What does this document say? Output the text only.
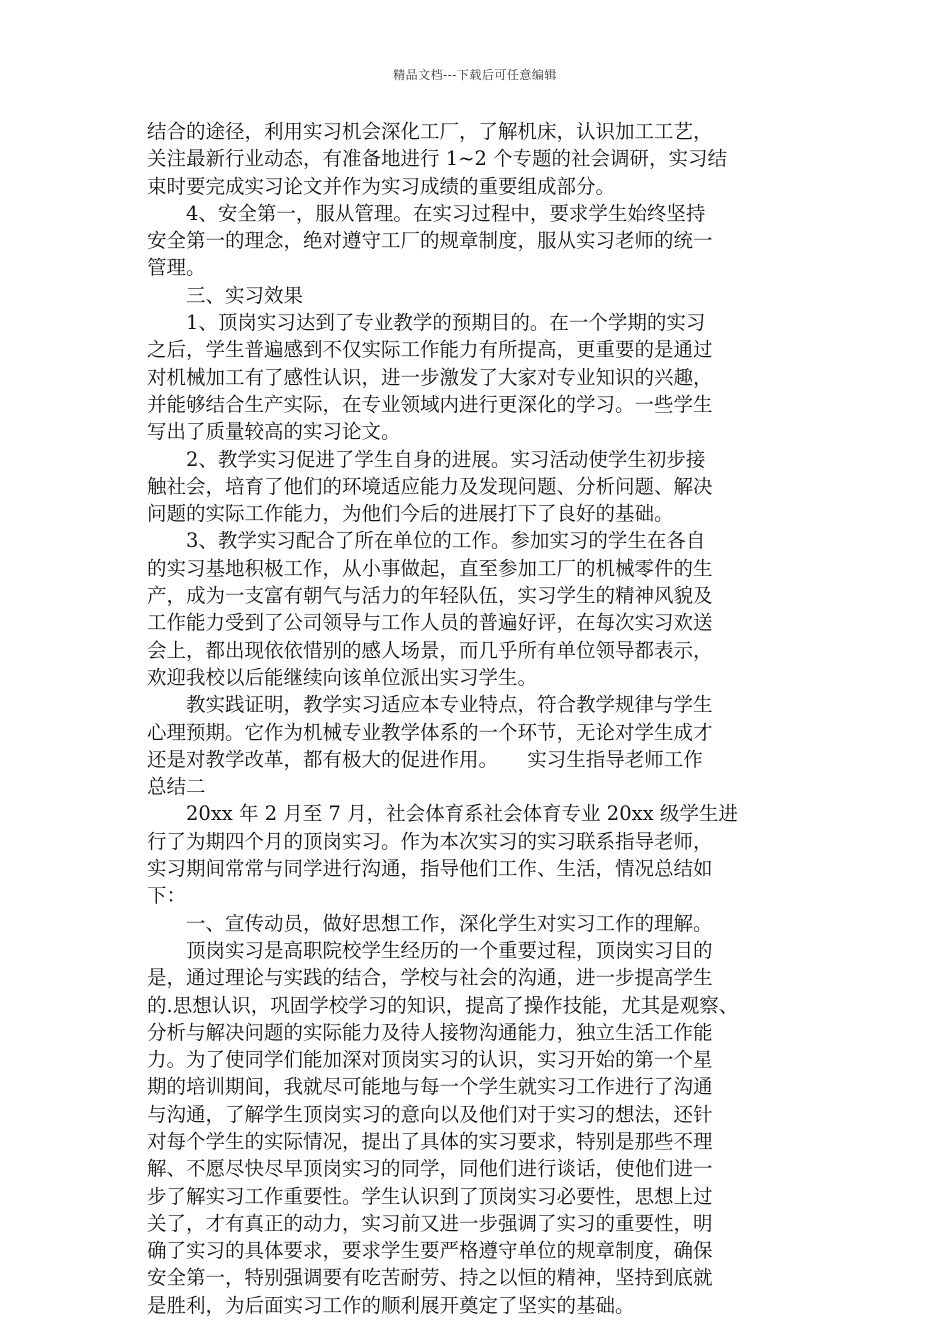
精品文档---下载后可任意编辑
结合的途径，利用实习机会深化工厂，了解机床，认识加工工艺，
关注最新行业动态，有准备地进行 1~2 个专题的社会调研，实习结
束时要完成实习论文并作为实习成绩的重要组成部分。
　　4、安全第一，服从管理。在实习过程中，要求学生始终坚持
安全第一的理念，绝对遵守工厂的规章制度，服从实习老师的统一
管理。
　　三、实习效果
　　1、顶岗实习达到了专业教学的预期目的。在一个学期的实习
之后，学生普遍感到不仅实际工作能力有所提高，更重要的是通过
对机械加工有了感性认识，进一步激发了大家对专业知识的兴趣，
并能够结合生产实际，在专业领域内进行更深化的学习。一些学生
写出了质量较高的实习论文。
　　2、教学实习促进了学生自身的进展。实习活动使学生初步接
触社会，培育了他们的环境适应能力及发现问题、分析问题、解决
问题的实际工作能力，为他们今后的进展打下了良好的基础。
　　3、教学实习配合了所在单位的工作。参加实习的学生在各自
的实习基地积极工作，从小事做起，直至参加工厂的机械零件的生
产，成为一支富有朝气与活力的年轻队伍，实习学生的精神风貌及
工作能力受到了公司领导与工作人员的普遍好评，在每次实习欢送
会上，都出现依依惜别的感人场景，而几乎所有单位领导都表示，
欢迎我校以后能继续向该单位派出实习学生。
　　教实践证明，教学实习适应本专业特点，符合教学规律与学生
心理预期。它作为机械专业教学体系的一个环节，无论对学生成才
还是对教学改革，都有极大的促进作用。　　实习生指导老师工作
总结二
　　20xx 年 2 月至 7 月，社会体育系社会体育专业 20xx 级学生进
行了为期四个月的顶岗实习。作为本次实习的实习联系指导老师，
实习期间常常与同学进行沟通，指导他们工作、生活，情况总结如
下：
　　一、宣传动员，做好思想工作，深化学生对实习工作的理解。
　　顶岗实习是高职院校学生经历的一个重要过程，顶岗实习目的
是，通过理论与实践的结合，学校与社会的沟通，进一步提高学生
的.思想认识，巩固学校学习的知识，提高了操作技能，尤其是观察、
分析与解决问题的实际能力及待人接物沟通能力，独立生活工作能
力。为了使同学们能加深对顶岗实习的认识，实习开始的第一个星
期的培训期间，我就尽可能地与每一个学生就实习工作进行了沟通
与沟通，了解学生顶岗实习的意向以及他们对于实习的想法，还针
对每个学生的实际情况，提出了具体的实习要求，特别是那些不理
解、不愿尽快尽早顶岗实习的同学，同他们进行谈话，使他们进一
步了解实习工作重要性。学生认识到了顶岗实习必要性，思想上过
关了，才有真正的动力，实习前又进一步强调了实习的重要性，明
确了实习的具体要求，要求学生要严格遵守单位的规章制度，确保
安全第一，特别强调要有吃苦耐劳、持之以恒的精神，坚持到底就
是胜利，为后面实习工作的顺利展开奠定了坚实的基础。
